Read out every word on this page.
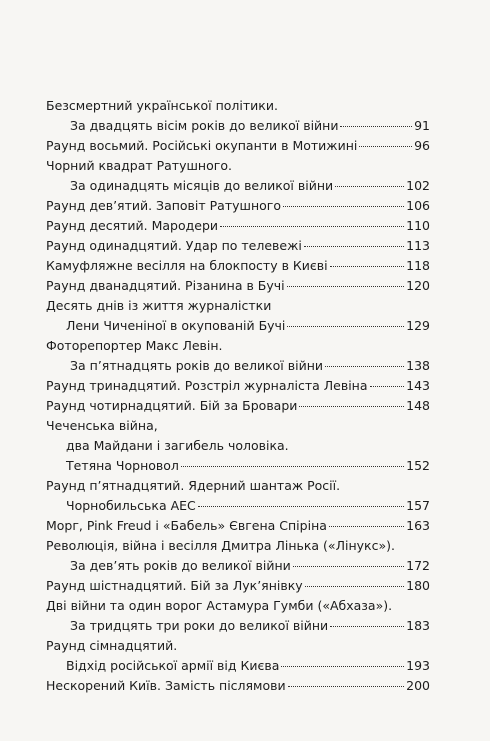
Безсмертний української політики.
За двадцять вісім років до великої війни	91
Раунд восьмий. Російські окупанти в Мотижині	96
Чорний квадрат Ратушного.
За одинадцять місяців до великої війни	102
Раунд дев’ятий. Заповіт Ратушного	106
Раунд десятий. Мародери	110
Раунд одинадцятий. Удар по телевежі	113
Камуфляжне весілля на блокпосту в Києві	118
Раунд дванадцятий. Різанина в Бучі	120
Десять днів із життя журналістки
Лени Чиченіної в окупованій Бучі	129
Фоторепортер Макс Левін.
За п’ятнадцять років до великої війни	138
Раунд тринадцятий. Розстріл журналіста Левіна	143
Раунд чотирнадцятий. Бій за Бровари	148
Чеченська війна,
два Майдани і загибель чоловіка.
Тетяна Чорновол	152
Раунд п’ятнадцятий. Ядерний шантаж Росії.
Чорнобильська АЕС	157
Морг, Pink Freud і «Бабель» Євгена Спіріна	163
Революція, війна і весілля Дмитра Лінька («Лінукс»).
За дев’ять років до великої війни	172
Раунд шістнадцятий. Бій за Лук’янівку	180
Дві війни та один ворог Астамура Гумби («Абхаза»).
За тридцять три роки до великої війни	183
Раунд сімнадцятий.
Відхід російської армії від Києва	193
Нескорений Київ. Замість післямови	200
